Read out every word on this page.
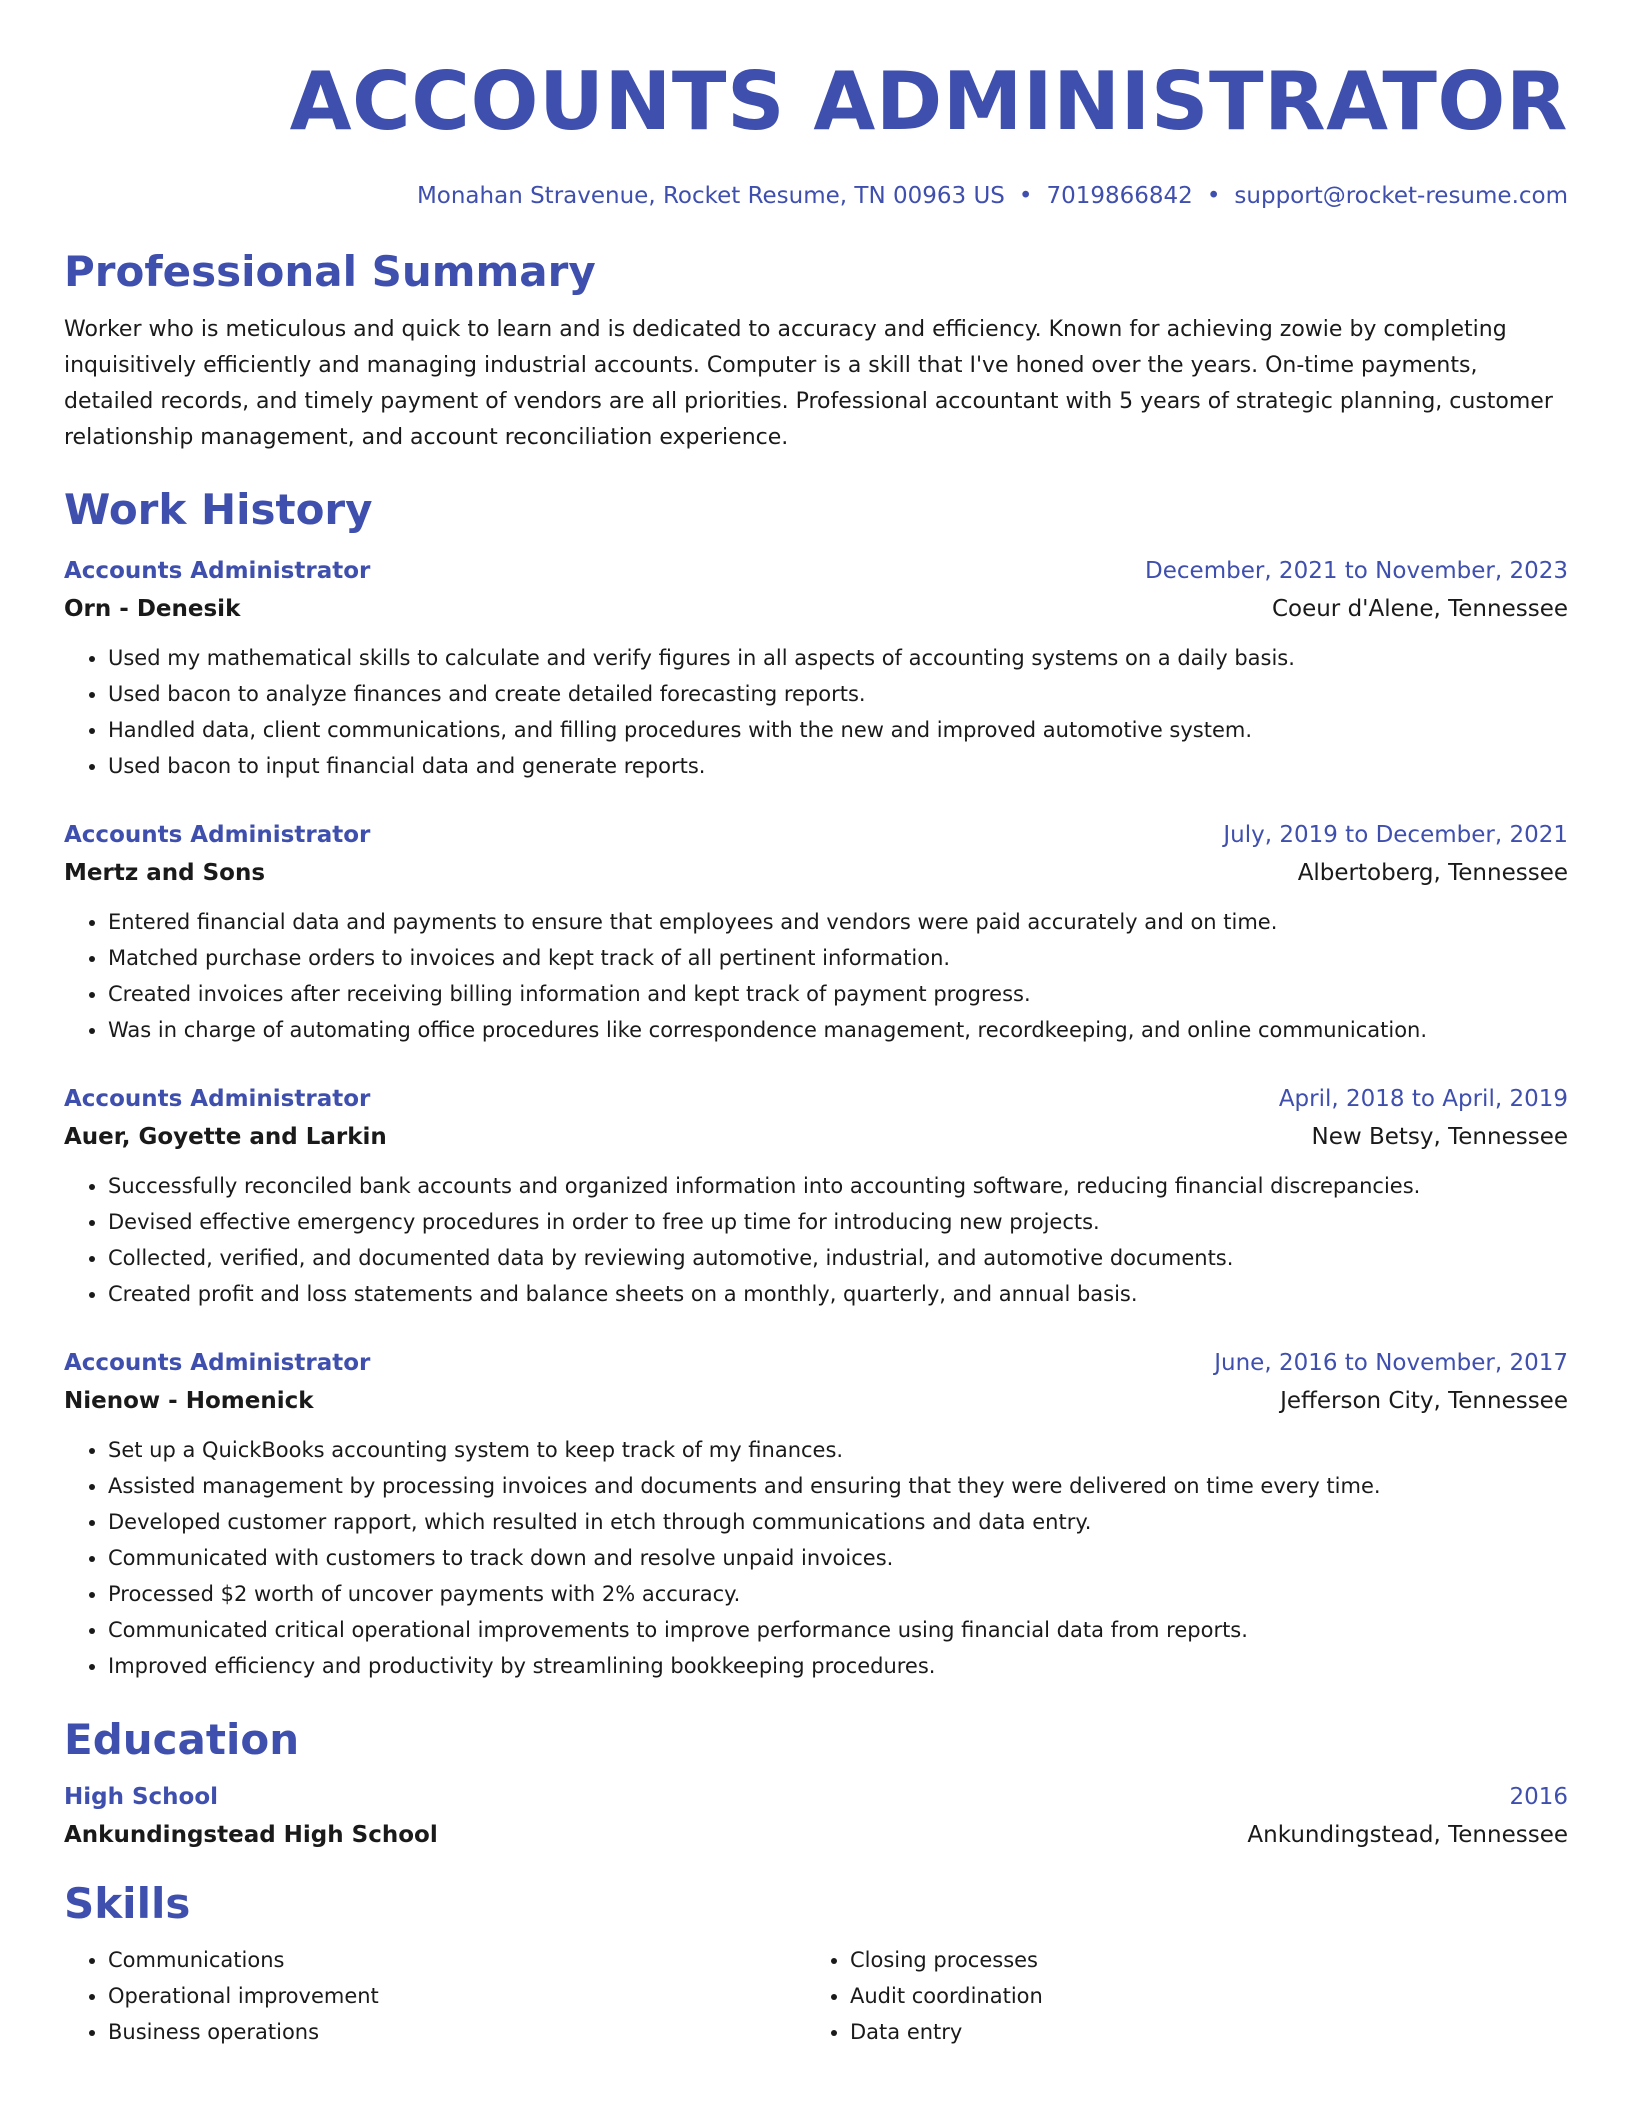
ACCOUNTS ADMINISTRATOR
Monahan Stravenue, Rocket Resume, TN 00963 US • 7019866842 • support@rocket-resume.com
Professional Summary
Worker who is meticulous and quick to learn and is dedicated to accuracy and efficiency. Known for achieving zowie by completing inquisitively efficiently and managing industrial accounts. Computer is a skill that I've honed over the years. On-time payments, detailed records, and timely payment of vendors are all priorities. Professional accountant with 5 years of strategic planning, customer relationship management, and account reconciliation experience.
Work History
Accounts Administrator	December, 2021 to November, 2023
Orn - Denesik	Coeur d'Alene, Tennessee
• Used my mathematical skills to calculate and verify figures in all aspects of accounting systems on a daily basis.
• Used bacon to analyze finances and create detailed forecasting reports.
• Handled data, client communications, and filling procedures with the new and improved automotive system.
• Used bacon to input financial data and generate reports.
Accounts Administrator	July, 2019 to December, 2021
Mertz and Sons	Albertoberg, Tennessee
• Entered financial data and payments to ensure that employees and vendors were paid accurately and on time.
• Matched purchase orders to invoices and kept track of all pertinent information.
• Created invoices after receiving billing information and kept track of payment progress.
• Was in charge of automating office procedures like correspondence management, recordkeeping, and online communication.
Accounts Administrator	April, 2018 to April, 2019
Auer, Goyette and Larkin	New Betsy, Tennessee
• Successfully reconciled bank accounts and organized information into accounting software, reducing financial discrepancies.
• Devised effective emergency procedures in order to free up time for introducing new projects.
• Collected, verified, and documented data by reviewing automotive, industrial, and automotive documents.
• Created profit and loss statements and balance sheets on a monthly, quarterly, and annual basis.
Accounts Administrator	June, 2016 to November, 2017
Nienow - Homenick	Jefferson City, Tennessee
• Set up a QuickBooks accounting system to keep track of my finances.
• Assisted management by processing invoices and documents and ensuring that they were delivered on time every time.
• Developed customer rapport, which resulted in etch through communications and data entry.
• Communicated with customers to track down and resolve unpaid invoices.
• Processed $2 worth of uncover payments with 2% accuracy.
• Communicated critical operational improvements to improve performance using financial data from reports.
• Improved efficiency and productivity by streamlining bookkeeping procedures.
Education
High School	2016
Ankundingstead High School	Ankundingstead, Tennessee
Skills
• Communications
• Operational improvement
• Business operations
• Closing processes
• Audit coordination
• Data entry
